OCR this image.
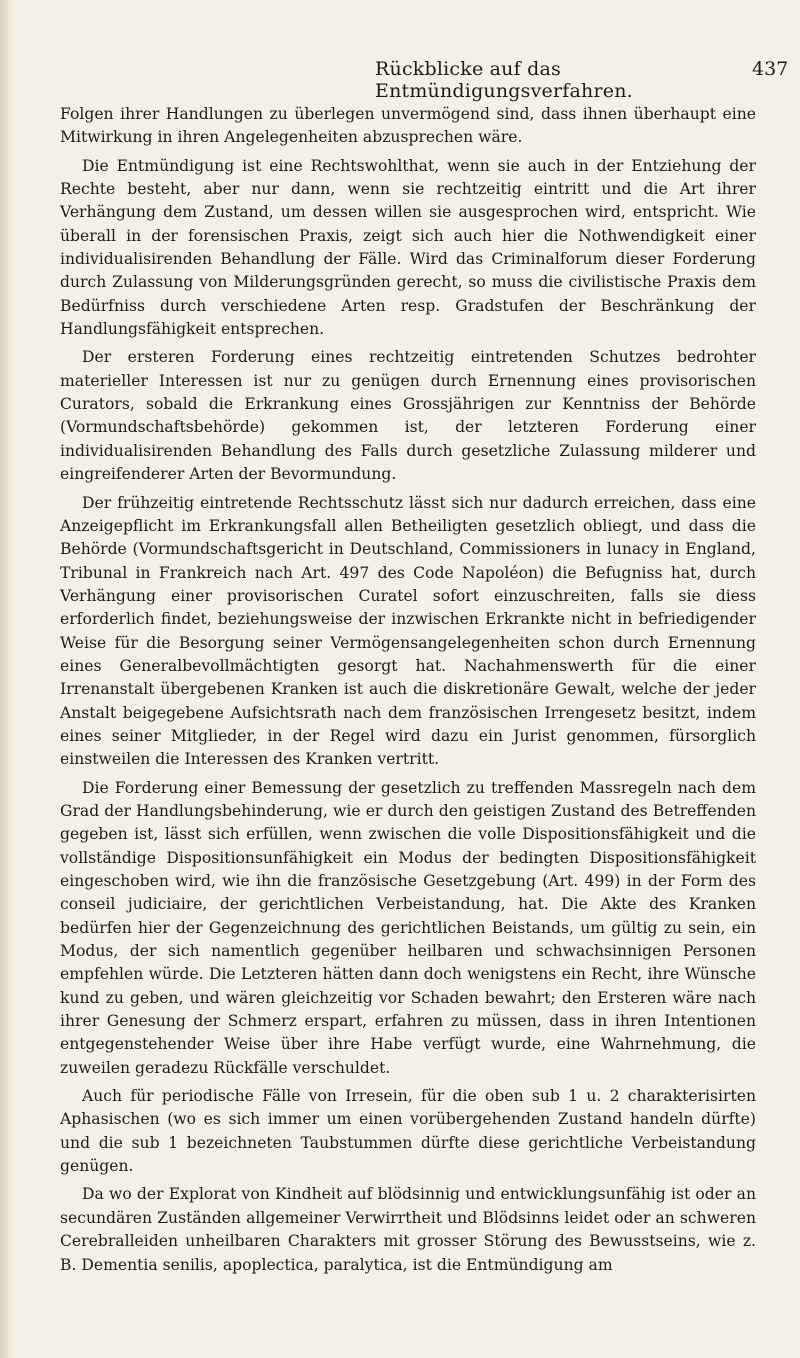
Rückblicke auf das Entmündigungsverfahren.
437

Folgen ihrer Handlungen zu überlegen unvermögend sind, dass ihnen überhaupt eine Mitwirkung in ihren Angelegenheiten abzusprechen wäre.

Die Entmündigung ist eine Rechtswohlthat, wenn sie auch in der Entziehung der Rechte besteht, aber nur dann, wenn sie rechtzeitig eintritt und die Art ihrer Verhängung dem Zustand, um dessen willen sie ausgesprochen wird, entspricht. Wie überall in der forensischen Praxis, zeigt sich auch hier die Nothwendigkeit einer individualisirenden Behandlung der Fälle. Wird das Criminalforum dieser Forderung durch Zulassung von Milderungsgründen gerecht, so muss die civilistische Praxis dem Bedürfniss durch verschiedene Arten resp. Gradstufen der Beschränkung der Handlungsfähigkeit entsprechen.

Der ersteren Forderung eines rechtzeitig eintretenden Schutzes bedrohter materieller Interessen ist nur zu genügen durch Ernennung eines provisorischen Curators, sobald die Erkrankung eines Grossjährigen zur Kenntniss der Behörde (Vormundschaftsbehörde) gekommen ist, der letzteren Forderung einer individualisirenden Behandlung des Falls durch gesetzliche Zulassung milderer und eingreifenderer Arten der Bevormundung.

Der frühzeitig eintretende Rechtsschutz lässt sich nur dadurch erreichen, dass eine Anzeigepflicht im Erkrankungsfall allen Betheiligten gesetzlich obliegt, und dass die Behörde (Vormundschaftsgericht in Deutschland, Commissioners in lunacy in England, Tribunal in Frankreich nach Art. 497 des Code Napoléon) die Befugniss hat, durch Verhängung einer provisorischen Curatel sofort einzuschreiten, falls sie diess erforderlich findet, beziehungsweise der inzwischen Erkrankte nicht in befriedigender Weise für die Besorgung seiner Vermögensangelegenheiten schon durch Ernennung eines Generalbevollmächtigten gesorgt hat. Nachahmenswerth für die einer Irrenanstalt übergebenen Kranken ist auch die diskretionäre Gewalt, welche der jeder Anstalt beigegebene Aufsichtsrath nach dem französischen Irrengesetz besitzt, indem eines seiner Mitglieder, in der Regel wird dazu ein Jurist genommen, fürsorglich einstweilen die Interessen des Kranken vertritt.

Die Forderung einer Bemessung der gesetzlich zu treffenden Massregeln nach dem Grad der Handlungsbehinderung, wie er durch den geistigen Zustand des Betreffenden gegeben ist, lässt sich erfüllen, wenn zwischen die volle Dispositionsfähigkeit und die vollständige Dispositionsunfähigkeit ein Modus der bedingten Dispositionsfähigkeit eingeschoben wird, wie ihn die französische Gesetzgebung (Art. 499) in der Form des conseil judiciaire, der gerichtlichen Verbeistandung, hat. Die Akte des Kranken bedürfen hier der Gegenzeichnung des gerichtlichen Beistands, um gültig zu sein, ein Modus, der sich namentlich gegenüber heilbaren und schwachsinnigen Personen empfehlen würde. Die Letzteren hätten dann doch wenigstens ein Recht, ihre Wünsche kund zu geben, und wären gleichzeitig vor Schaden bewahrt; den Ersteren wäre nach ihrer Genesung der Schmerz erspart, erfahren zu müssen, dass in ihren Intentionen entgegenstehender Weise über ihre Habe verfügt wurde, eine Wahrnehmung, die zuweilen geradezu Rückfälle verschuldet.

Auch für periodische Fälle von Irresein, für die oben sub 1 u. 2 charakterisirten Aphasischen (wo es sich immer um einen vorübergehenden Zustand handeln dürfte) und die sub 1 bezeichneten Taubstummen dürfte diese gerichtliche Verbeistandung genügen.

Da wo der Explorat von Kindheit auf blödsinnig und entwicklungsunfähig ist oder an secundären Zuständen allgemeiner Verwirrtheit und Blödsinns leidet oder an schweren Cerebralleiden unheilbaren Charakters mit grosser Störung des Bewusstseins, wie z. B. Dementia senilis, apoplectica, paralytica, ist die Entmündigung am
